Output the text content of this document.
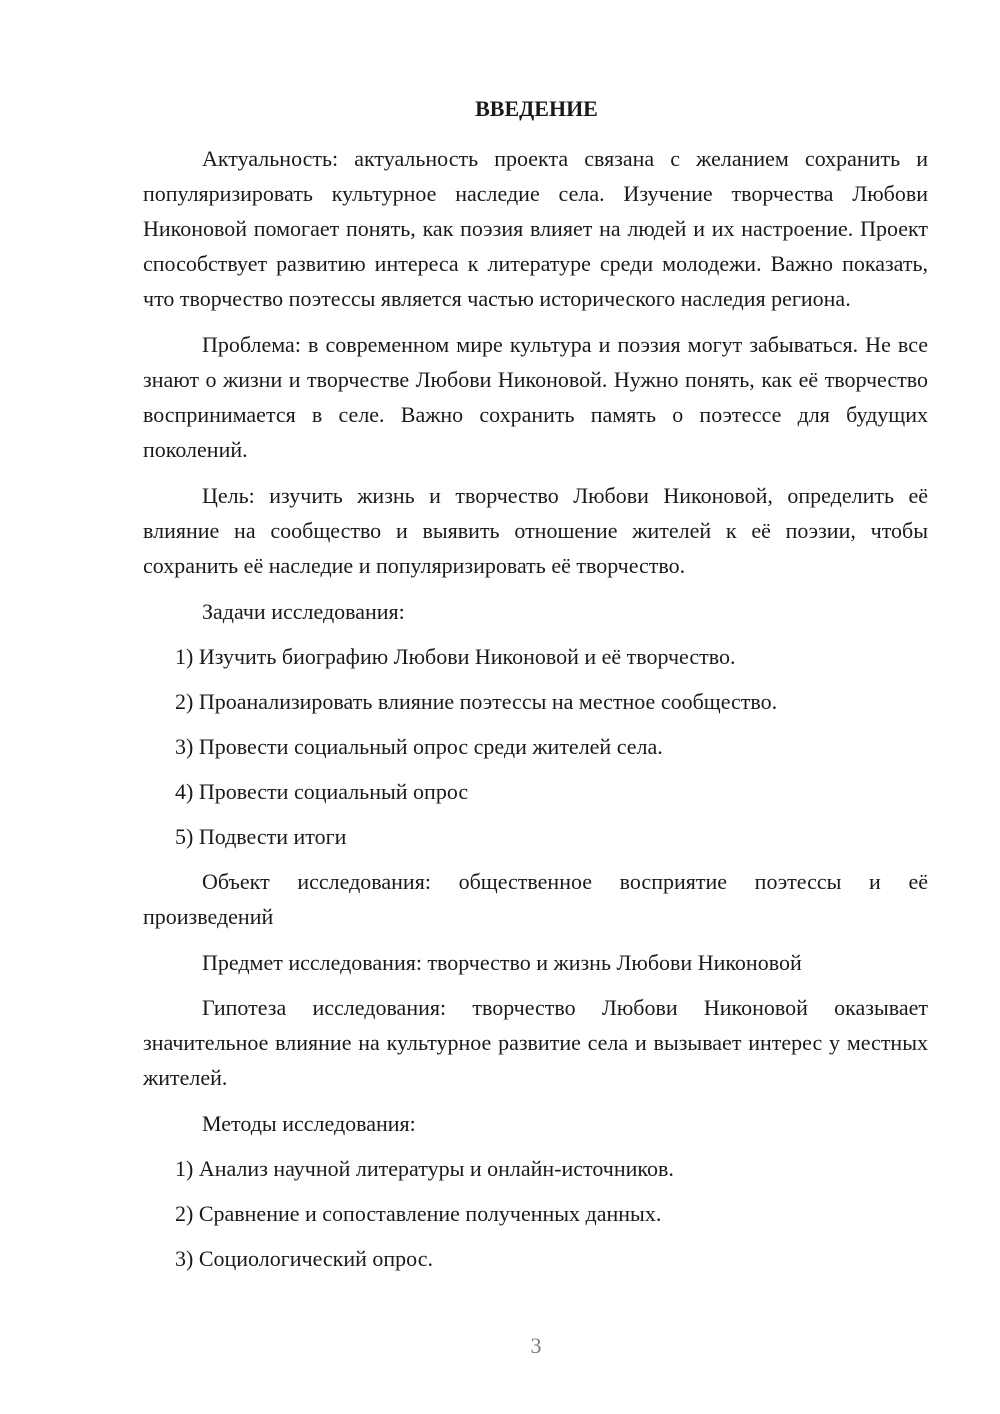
ВВЕДЕНИЕ

Актуальность: актуальность проекта связана с желанием сохранить и популяризировать культурное наследие села. Изучение творчества Любови Никоновой помогает понять, как поэзия влияет на людей и их настроение. Проект способствует развитию интереса к литературе среди молодежи. Важно показать, что творчество поэтессы является частью исторического наследия региона.

Проблема: в современном мире культура и поэзия могут забываться. Не все знают о жизни и творчестве Любови Никоновой. Нужно понять, как её творчество воспринимается в селе. Важно сохранить память о поэтессе для будущих поколений.

Цель: изучить жизнь и творчество Любови Никоновой, определить её влияние на сообщество и выявить отношение жителей к её поэзии, чтобы сохранить её наследие и популяризировать её творчество.

Задачи исследования:
1) Изучить биографию Любови Никоновой и её творчество.
2) Проанализировать влияние поэтессы на местное сообщество.
3) Провести социальный опрос среди жителей села.
4) Провести социальный опрос
5) Подвести итоги

Объект исследования: общественное восприятие поэтессы и её произведений

Предмет исследования: творчество и жизнь Любови Никоновой

Гипотеза исследования: творчество Любови Никоновой оказывает значительное влияние на культурное развитие села и вызывает интерес у местных жителей.

Методы исследования:
1) Анализ научной литературы и онлайн-источников.
2) Сравнение и сопоставление полученных данных.
3) Социологический опрос.
3
